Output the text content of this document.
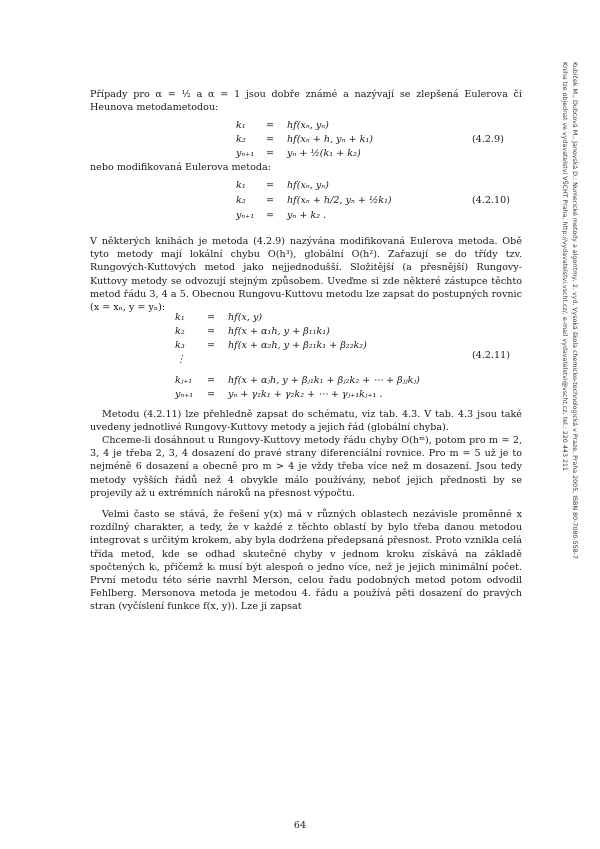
Případy pro α = ½ a α = 1 jsou dobře známé a nazývají se zlepšená Eulerova či Heunova metodametodou:

k₁ = hf(xₙ, yₙ)
k₂ = hf(xₙ + h, yₙ + k₁)
yₙ₊₁ = yₙ + ½(k₁ + k₂)
(4.2.9)

nebo modifikovaná Eulerova metoda:

k₁ = hf(xₙ, yₙ)
k₂ = hf(xₙ + h/2, yₙ + ½k₁)
yₙ₊₁ = yₙ + k₂ .
(4.2.10)

V některých knihách je metoda (4.2.9) nazývána modifikovaná Eulerova metoda. Obě tyto metody mají lokální chybu O(h³), globální O(h²). Zařazují se do třídy tzv. Rungových-Kuttových metod jako nejjednodušší. Složitější (a přesnější) Rungovy-Kuttovy metody se odvozují stejným způsobem. Uveďme si zde některé zástupce těchto metod řádu 3, 4 a 5. Obecnou Rungovu-Kuttovu metodu lze zapsat do postupných rovnic (x = xₙ, y = yₙ):

k₁ = hf(x, y)
k₂ = hf(x + α₁h, y + β₁₁k₁)
k₃ = hf(x + α₂h, y + β₂₁k₁ + β₂₂k₂)
⋮
kⱼ₊₁ = hf(x + αⱼh, y + βⱼ₁k₁ + βⱼ₂k₂ + ⋯ + βⱼⱼkⱼ)
yₙ₊₁ = yₙ + γ₁k₁ + γ₂k₂ + ⋯ + γⱼ₊₁kⱼ₊₁ .
(4.2.11)

Metodu (4.2.11) lze přehledně zapsat do schématu, viz tab. 4.3. V tab. 4.3 jsou také uvedeny jednotlivé Rungovy-Kuttovy metody a jejich řád (globální chyba).

Chceme-li dosáhnout u Rungovy-Kuttovy metody řádu chyby O(hᵐ), potom pro m = 2, 3, 4 je třeba 2, 3, 4 dosazení do pravé strany diferenciální rovnice. Pro m = 5 už je to nejméně 6 dosazení a obecně pro m > 4 je vždy třeba více než m dosazení. Jsou tedy metody vyšších řádů než 4 obvykle málo používány, neboť jejich přednosti by se projevily až u extrémních nároků na přesnost výpočtu.

Velmi často se stává, že řešení y(x) má v různých oblastech nezávisle proměnné x rozdílný charakter, a tedy, že v každé z těchto oblastí by bylo třeba danou metodou integrovat s určitým krokem, aby byla dodržena předepsaná přesnost. Proto vznikla celá třída metod, kde se odhad skutečné chyby v jednom kroku získává na základě spočtených kᵢ, přičemž kᵢ musí být alespoň o jedno více, než je jejich minimální počet. První metodu této série navrhl Merson, celou řadu podobných metod potom odvodil Fehlberg. Mersonova metoda je metodou 4. řádu a používá pěti dosazení do pravých stran (vyčíslení funkce f(x, y)). Lze ji zapsat

64
Kubíček M., Dubcová M., Janovská D.: Numerické metody a algoritmy, 2. vyd. Vysoká škola chemicko-technologická v Praze, Praha 2005, ISBN 80-7080-558-7
Kniha lze objednat ve vydavatelství VŠCHT Praha, http://vydavatelstvi.vscht.cz/, e-mail vydavatelstvi@vscht.cz, tel.: 220 443 211
